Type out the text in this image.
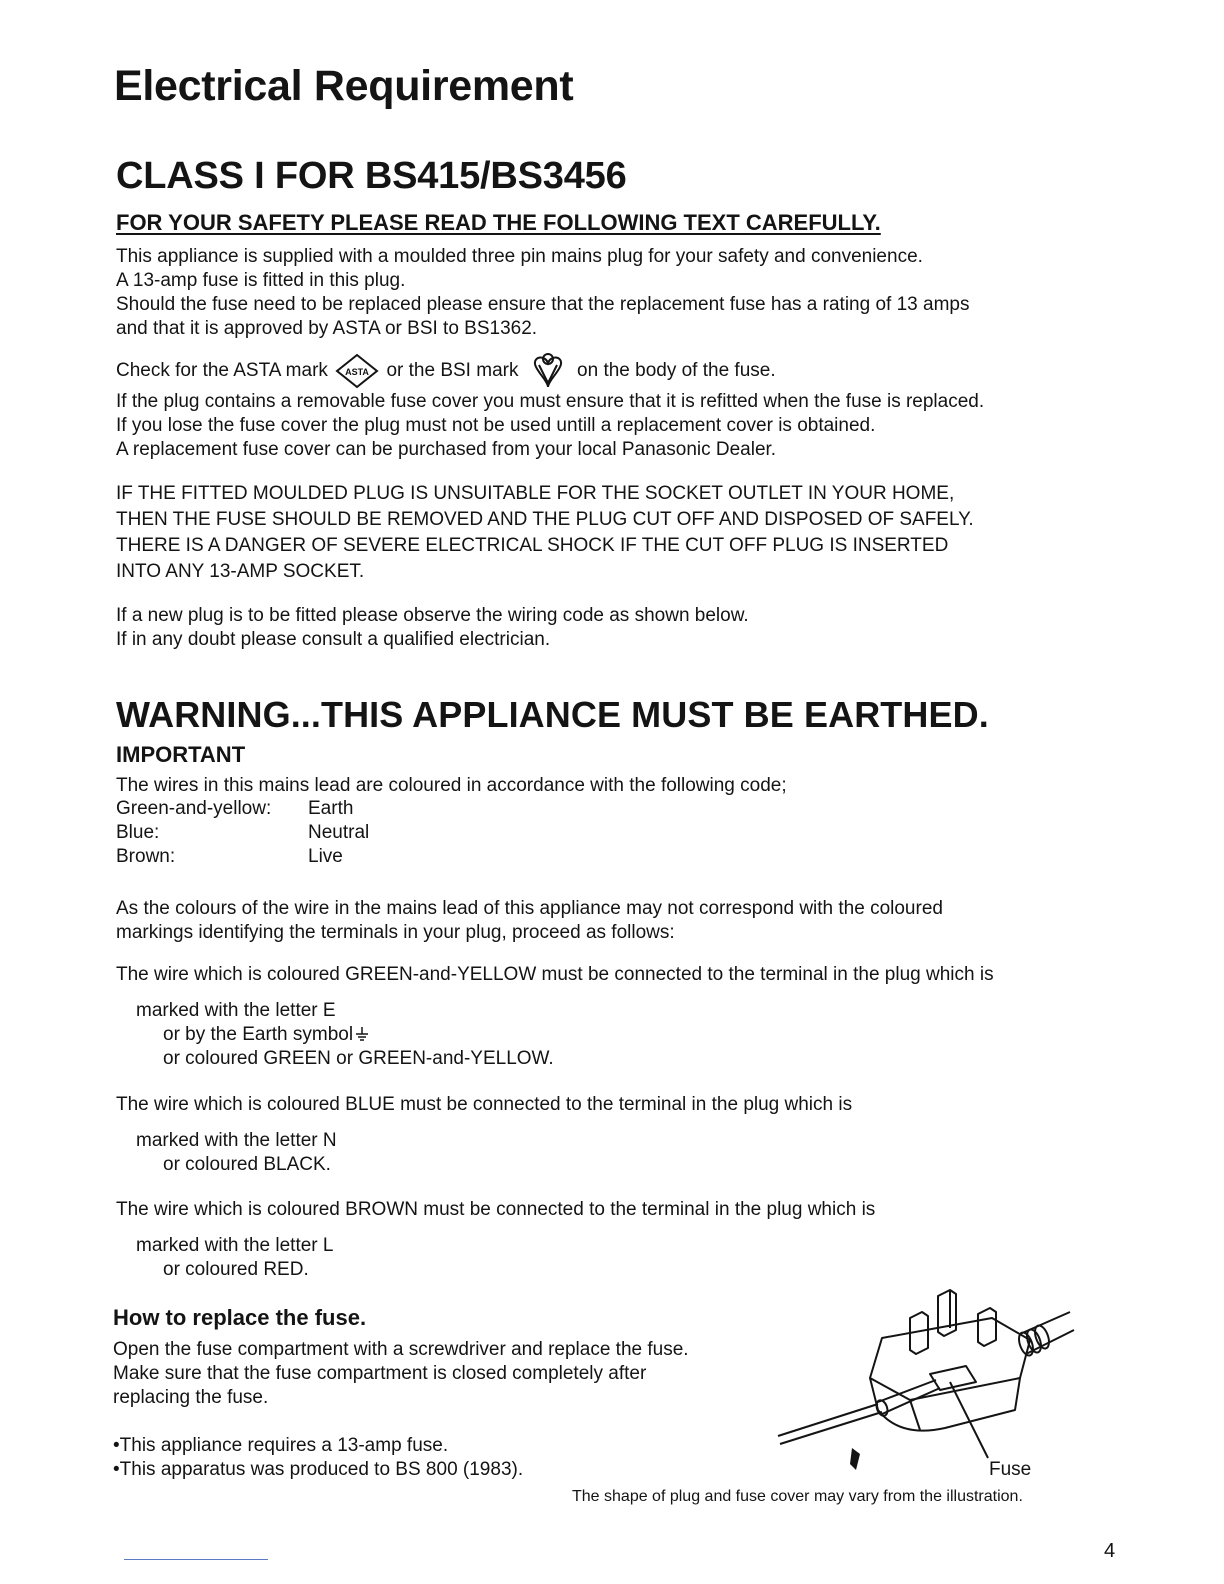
Electrical Requirement
CLASS I FOR BS415/BS3456
FOR YOUR SAFETY PLEASE READ THE FOLLOWING TEXT CAREFULLY.
This appliance is supplied with a moulded three pin mains plug for your safety and convenience.
A 13-amp fuse is fitted in this plug.
Should the fuse need to be replaced please ensure that the replacement fuse has a rating of 13 amps
and that it is approved by ASTA or BSI to BS1362.
Check for the ASTA mark ASTA or the BSI mark	on the body of the fuse.
If the plug contains a removable fuse cover you must ensure that it is refitted when the fuse is replaced.
If you lose the fuse cover the plug must not be used untill a replacement cover is obtained.
A replacement fuse cover can be purchased from your local Panasonic Dealer.
IF THE FITTED MOULDED PLUG IS UNSUITABLE FOR THE SOCKET OUTLET IN YOUR HOME,
THEN THE FUSE SHOULD BE REMOVED AND THE PLUG CUT OFF AND DISPOSED OF SAFELY.
THERE IS A DANGER OF SEVERE ELECTRICAL SHOCK IF THE CUT OFF PLUG IS INSERTED
INTO ANY 13-AMP SOCKET.
If a new plug is to be fitted please observe the wiring code as shown below.
If in any doubt please consult a qualified electrician.
WARNING...THIS APPLIANCE MUST BE EARTHED.
IMPORTANT
The wires in this mains lead are coloured in accordance with the following code;
Green-and-yellow: Earth
Blue:	Neutral
Brown:	Live
As the colours of the wire in the mains lead of this appliance may not correspond with the coloured
markings identifying the terminals in your plug, proceed as follows:
The wire which is coloured GREEN-and-YELLOW must be connected to the terminal in the plug which is
marked with the letter E
or by the Earth symbol
or coloured GREEN or GREEN-and-YELLOW.
The wire which is coloured BLUE must be connected to the terminal in the plug which is
marked with the letter N
or coloured BLACK.
The wire which is coloured BROWN must be connected to the terminal in the plug which is
marked with the letter L
or coloured RED.
How to replace the fuse.
Open the fuse compartment with a screwdriver and replace the fuse.
Make sure that the fuse compartment is closed completely after
replacing the fuse.
•This appliance requires a 13-amp fuse.
•This apparatus was produced to BS 800 (1983).	Fuse
The shape of plug and fuse cover may vary from the illustration.
4
